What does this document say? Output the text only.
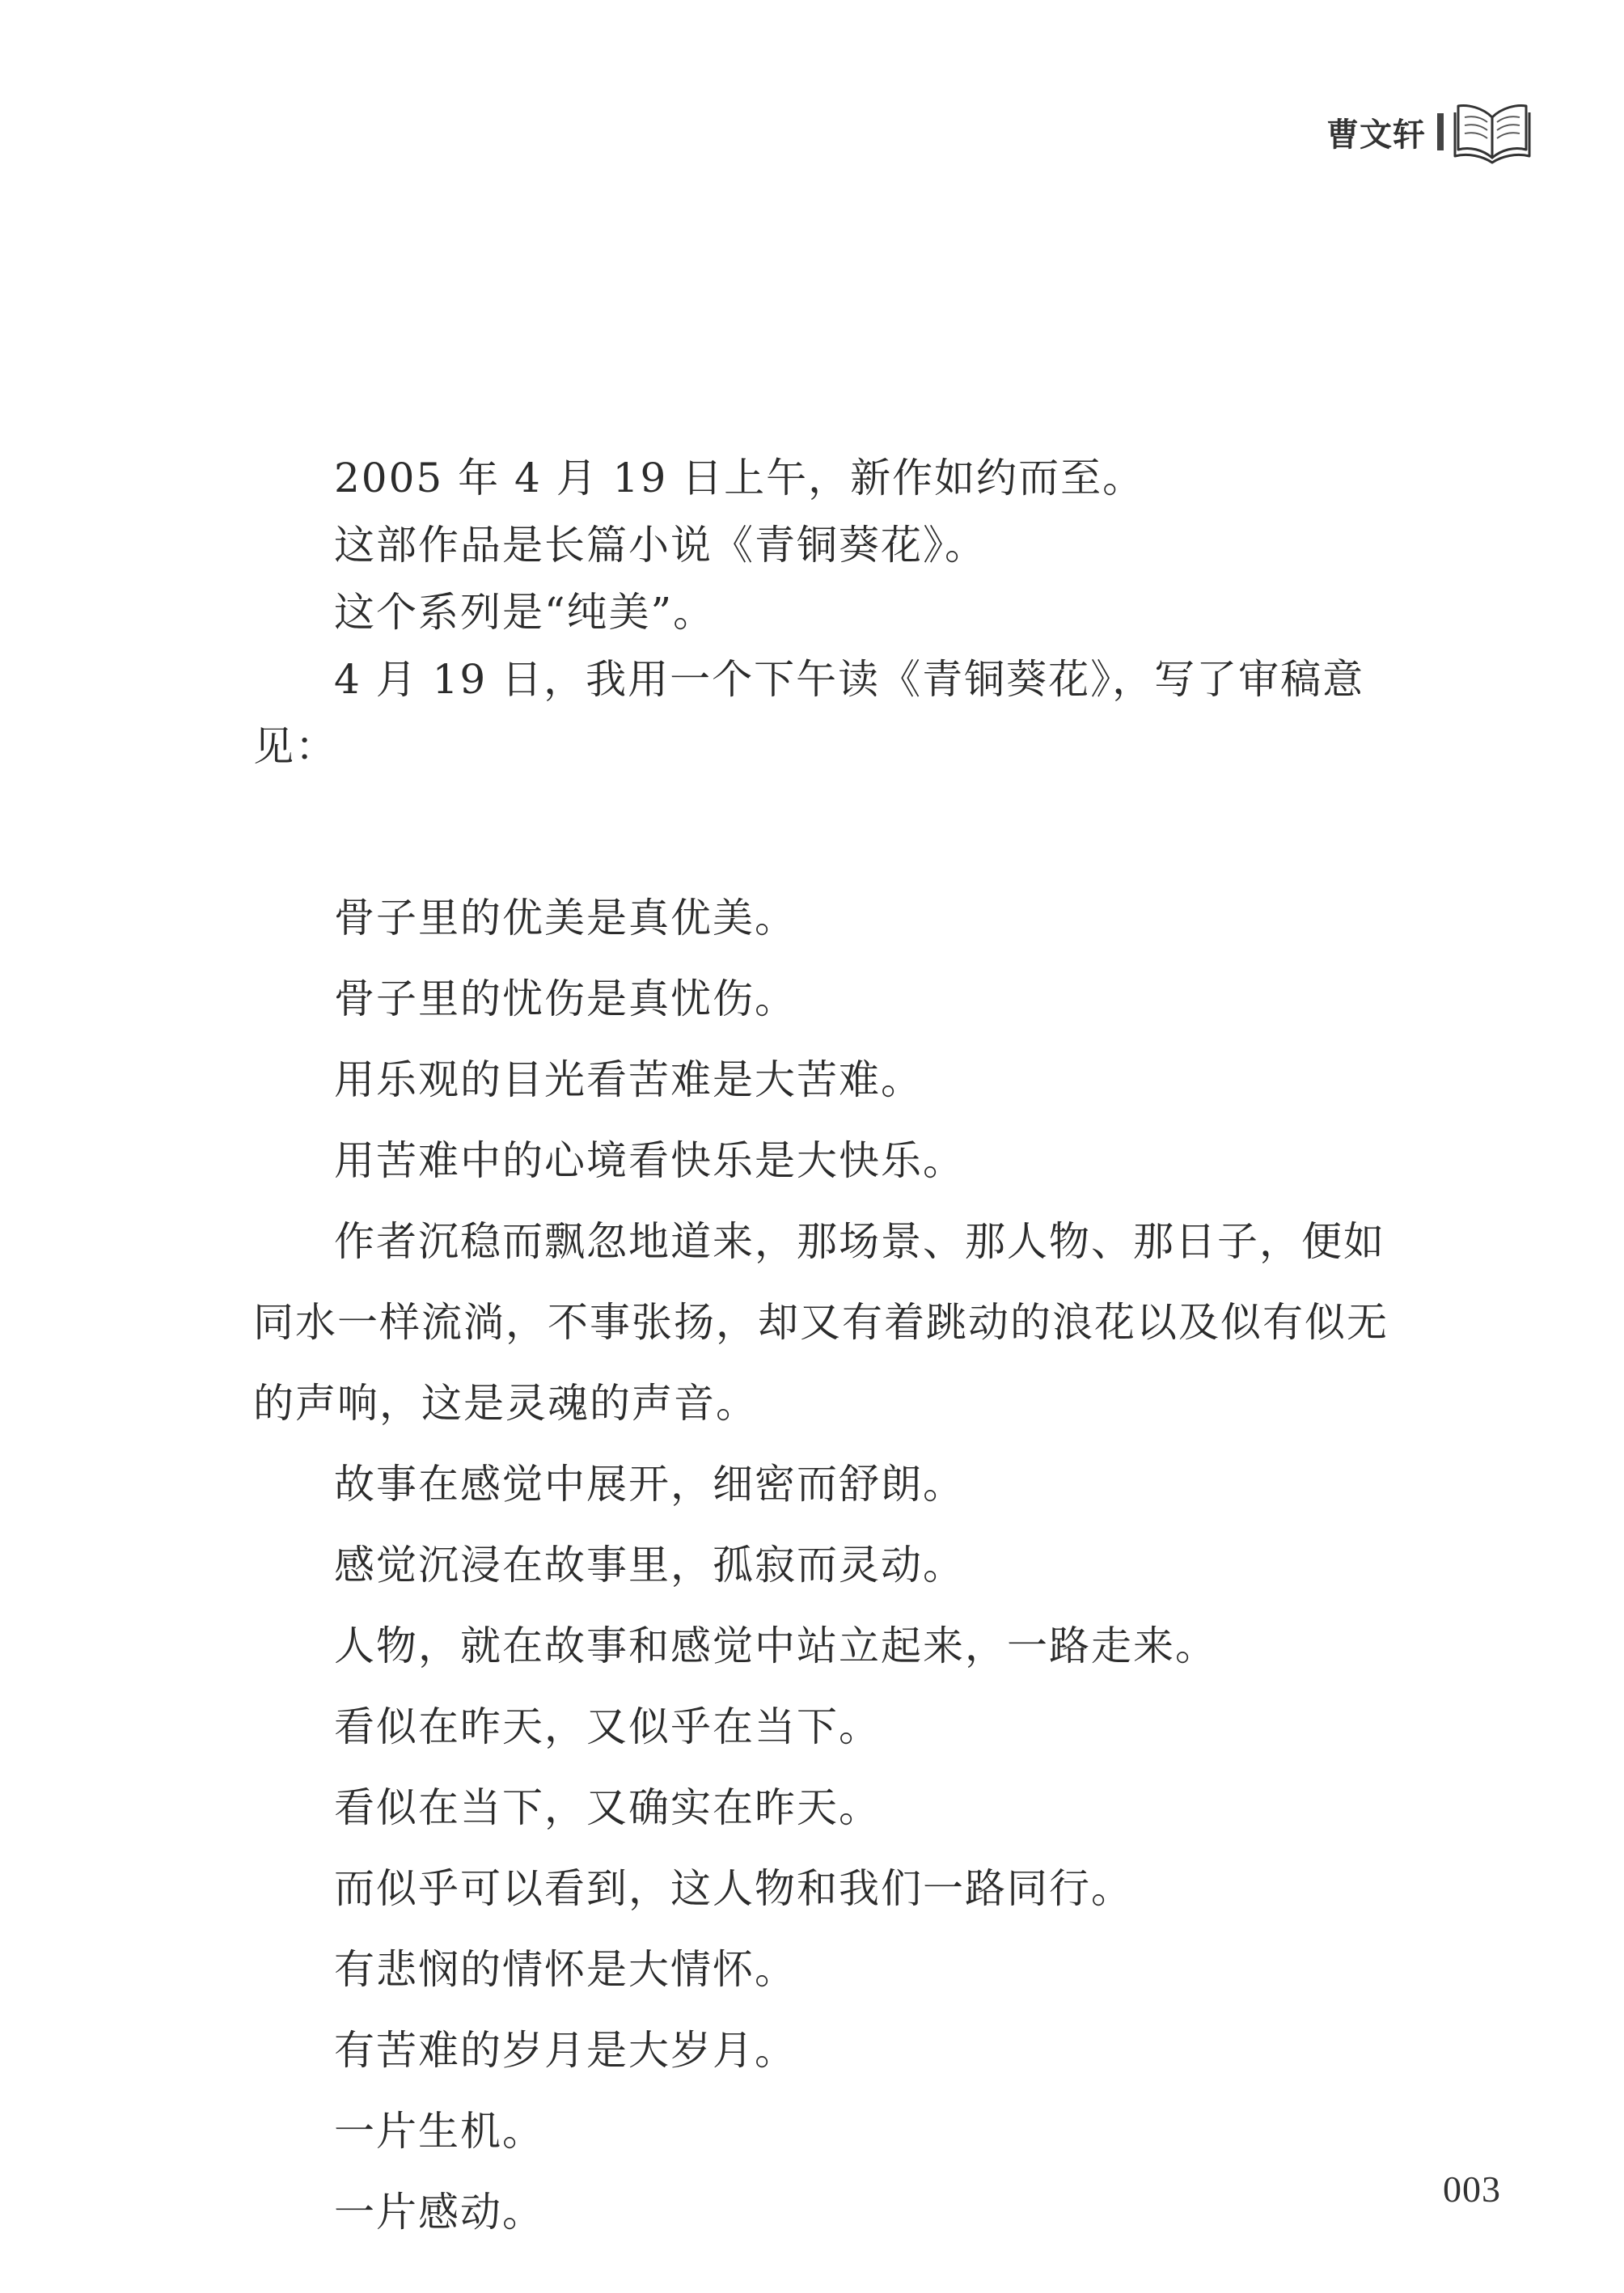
曹文轩

2005 年 4 月 19 日上午，新作如约而至。

这部作品是长篇小说《青铜葵花》。

这个系列是“纯美”。

4 月 19 日，我用一个下午读《青铜葵花》，写了审稿意见：

骨子里的优美是真优美。

骨子里的忧伤是真忧伤。

用乐观的目光看苦难是大苦难。

用苦难中的心境看快乐是大快乐。

作者沉稳而飘忽地道来，那场景、那人物、那日子，便如同水一样流淌，不事张扬，却又有着跳动的浪花以及似有似无的声响，这是灵魂的声音。

故事在感觉中展开，细密而舒朗。

感觉沉浸在故事里，孤寂而灵动。

人物，就在故事和感觉中站立起来，一路走来。

看似在昨天，又似乎在当下。

看似在当下，又确实在昨天。

而似乎可以看到，这人物和我们一路同行。

有悲悯的情怀是大情怀。

有苦难的岁月是大岁月。

一片生机。

一片感动。	003
